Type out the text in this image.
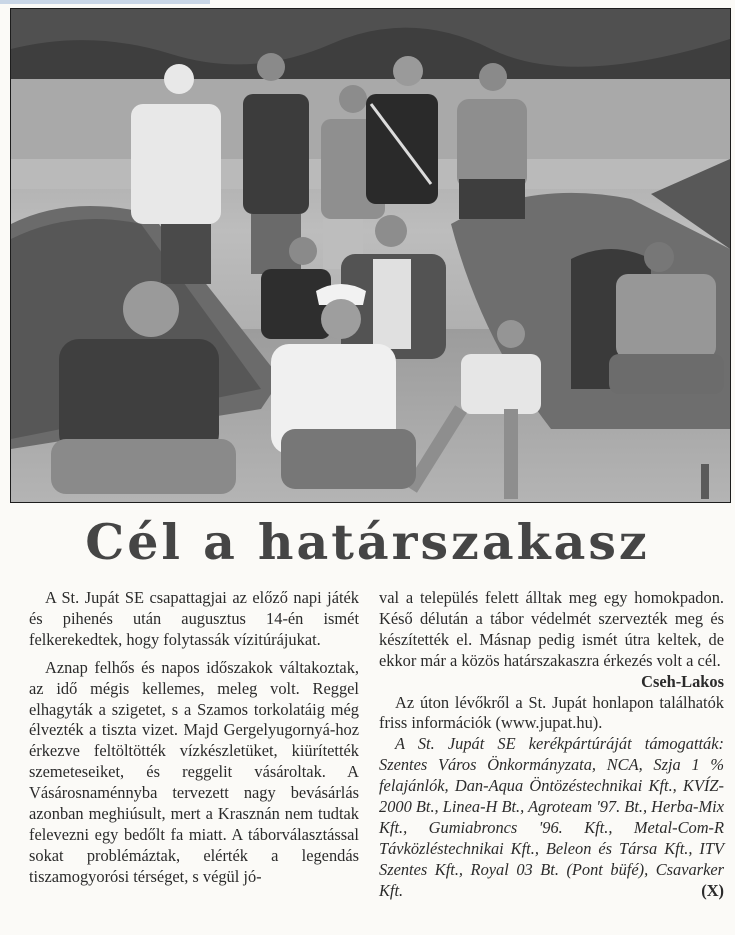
Cél a határszakasz

A St. Jupát SE csapattagjai az előző napi játék és pihenés után augusztus 14-én ismét felkerekedtek, hogy folytassák vízitúrájukat.

Aznap felhős és napos időszakok váltakoztak, az idő mégis kellemes, meleg volt. Reggel elhagyták a szigetet, s a Szamos torkolatáig még élvezték a tiszta vizet. Majd Gergelyugornyá-hoz érkezve feltöltötték vízkészletüket, kiürítették szemeteseiket, és reggelit vásároltak. A Vásárosnaménnyba tervezett nagy bevásárlás azonban meghiúsult, mert a Krasznán nem tudtak felevezni egy bedőlt fa miatt. A táborválasztással sokat problémáztak, elérték a legendás tiszamogyorósi térséget, s végül jó-

val a település felett álltak meg egy homokpadon. Késő délután a tábor védelmét szervezték meg és készítették el. Másnap pedig ismét útra keltek, de ekkor már a közös határszakaszra érkezés volt a cél.

Cseh-Lakos

Az úton lévőkről a St. Jupát honlapon találhatók friss információk (www.jupat.hu).

A St. Jupát SE kerékpártúráját támogatták: Szentes Város Önkormányzata, NCA, Szja 1 % felajánlók, Dan-Aqua Öntözéstechnikai Kft., KVÍZ-2000 Bt., Linea-H Bt., Agroteam '97. Bt., Herba-Mix Kft., Gumiabroncs '96. Kft., Metal-Com-R Távközléstechnikai Kft., Beleon és Társa Kft., ITV Szentes Kft., Royal 03 Bt. (Pont büfé), Csavarker Kft.	(X)
